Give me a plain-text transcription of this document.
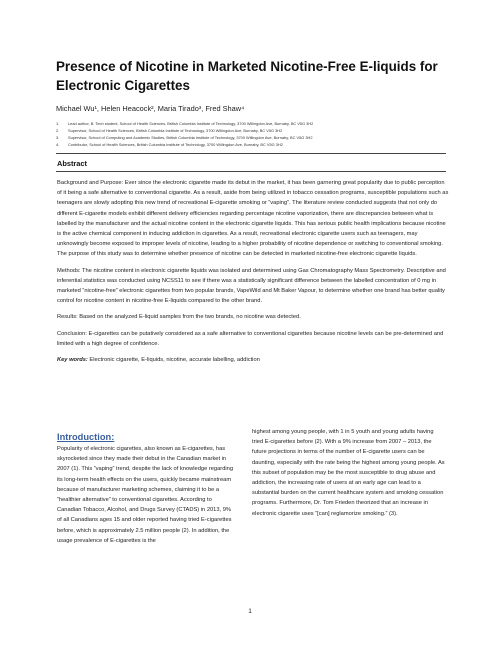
Presence of Nicotine in Marketed Nicotine-Free E-liquids for Electronic Cigarettes
Michael Wu¹, Helen Heacock², Maria Tirado³, Fred Shaw⁴
1.	Lead author, B. Tech student, School of Health Sciences, British Columbia Institute of Technology, 3700 Willingdon Ave, Burnaby, BC V5G 3H2
2.	Supervisor, School of Health Sciences, British Columbia Institute of Technology, 3700 Willingdon Ave, Burnaby, BC V5G 3H2
3.	Supervisor, School of Computing and Academic Studies, British Columbia Institute of Technology, 3700 Willingdon Ave, Burnaby, BC V5G 3H2
4.	Contributor, School of Health Sciences, British Columbia Institute of Technology, 3700 Willingdon Ave, Burnaby, BC V5G 3H2
Abstract

Background and Purpose: Ever since the electronic cigarette made its debut in the market, it has been garnering great popularity due to public perception of it being a safe alternative to conventional cigarette. As a result, aside from being utilized in tobacco cessation programs, susceptible populations such as teenagers are slowly adopting this new trend of recreational E-cigarette smoking or “vaping”. The literature review conducted suggests that not only do different E-cigarette models exhibit different delivery efficiencies regarding percentage nicotine vaporization, there are discrepancies between what is labelled by the manufacturer and the actual nicotine content in the electronic cigarette liquids. This has serious public health implications because nicotine is the active chemical component in inducing addiction in cigarettes. As a result, recreational electronic cigarette users such as teenagers, may unknowingly become exposed to improper levels of nicotine, leading to a higher probability of nicotine dependence or switching to conventional smoking. The purpose of this study was to determine whether presence of nicotine can be detected in marketed nicotine-free electronic cigarette liquids.

Methods: The nicotine content in electronic cigarette liquids was isolated and determined using Gas Chromatography Mass Spectrometry. Descriptive and inferential statistics was conducted using NCSS11 to see if there was a statistically significant difference between the labelled concentration of 0 mg in marketed “nicotine-free” electronic cigarettes from two popular brands, VapeWild and Mt Baker Vapour, to determine whether one brand has better quality control for nicotine content in nicotine-free E-liquids compared to the other brand.

Results: Based on the analyzed E-liquid samples from the two brands, no nicotine was detected.

Conclusion: E-cigarettes can be putatively considered as a safe alternative to conventional cigarettes because nicotine levels can be pre-determined and limited with a high degree of confidence.

Key words: Electronic cigarette, E-liquids, nicotine, accurate labelling, addiction

Introduction:

Popularity of electronic cigarettes, also known as E-cigarettes, has skyrocketed since they made their debut in the Canadian market in 2007 (1). This “vaping” trend, despite the lack of knowledge regarding its long-term health effects on the users, quickly became mainstream because of manufacturer marketing schemes, claiming it to be a “healthier alternative” to conventional cigarettes. According to Canadian Tobacco, Alcohol, and Drugs Survey (CTADS) in 2013, 9% of all Canadians ages 15 and older reported having tried E-cigarettes before, which is approximately 2.5 million people (2). In addition, the usage prevalence of E-cigarettes is the

highest among young people, with 1 in 5 youth and young adults having tried E-cigarettes before (2). With a 9% increase from 2007 – 2013, the future projections in terms of the number of E-cigarette users can be daunting, especially with the rate being the highest among young people. As this subset of population may be the most susceptible to drug abuse and addiction, the increasing rate of users at an early age can lead to a substantial burden on the current healthcare system and smoking cessation programs. Furthermore, Dr. Tom Frieden theorized that an increase in electronic cigarette uses “[can] reglamorize smoking.” (3).

1
